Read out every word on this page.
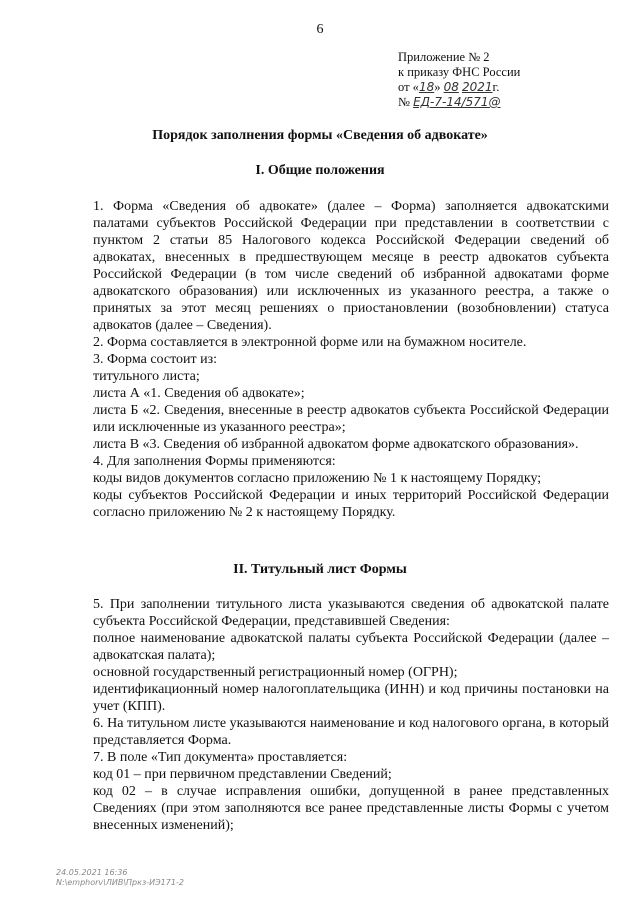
6
Приложение № 2
к приказу ФНС России
от «18» 08 2021г.
№ ЕД-7-14/571@
Порядок заполнения формы «Сведения об адвокате»
I. Общие положения

1. Форма «Сведения об адвокате» (далее – Форма) заполняется адвокатскими палатами субъектов Российской Федерации при представлении в соответствии с пунктом 2 статьи 85 Налогового кодекса Российской Федерации сведений об адвокатах, внесенных в предшествующем месяце в реестр адвокатов субъекта Российской Федерации (в том числе сведений об избранной адвокатами форме адвокатского образования) или исключенных из указанного реестра, а также о принятых за этот месяц решениях о приостановлении (возобновлении) статуса адвокатов (далее – Сведения).

2. Форма составляется в электронной форме или на бумажном носителе.

3. Форма состоит из:

титульного листа;

листа А «1. Сведения об адвокате»;

листа Б «2. Сведения, внесенные в реестр адвокатов субъекта Российской Федерации или исключенные из указанного реестра»;

листа В «3. Сведения об избранной адвокатом форме адвокатского образования».

4. Для заполнения Формы применяются:

коды видов документов согласно приложению № 1 к настоящему Порядку;

коды субъектов Российской Федерации и иных территорий Российской Федерации согласно приложению № 2 к настоящему Порядку.

II. Титульный лист Формы

5. При заполнении титульного листа указываются сведения об адвокатской палате субъекта Российской Федерации, представившей Сведения:

полное наименование адвокатской палаты субъекта Российской Федерации (далее – адвокатская палата);

основной государственный регистрационный номер (ОГРН);

идентификационный номер налогоплательщика (ИНН) и код причины постановки на учет (КПП).

6. На титульном листе указываются наименование и код налогового органа, в который представляется Форма.

7. В поле «Тип документа» проставляется:

код 01 – при первичном представлении Сведений;

код 02 – в случае исправления ошибки, допущенной в ранее представленных Сведениях (при этом заполняются все ранее представленные листы Формы с учетом внесенных изменений);

24.05.2021 16:36
N:\emphorv\ЛИВ\Пркз-ИЭ171-2
